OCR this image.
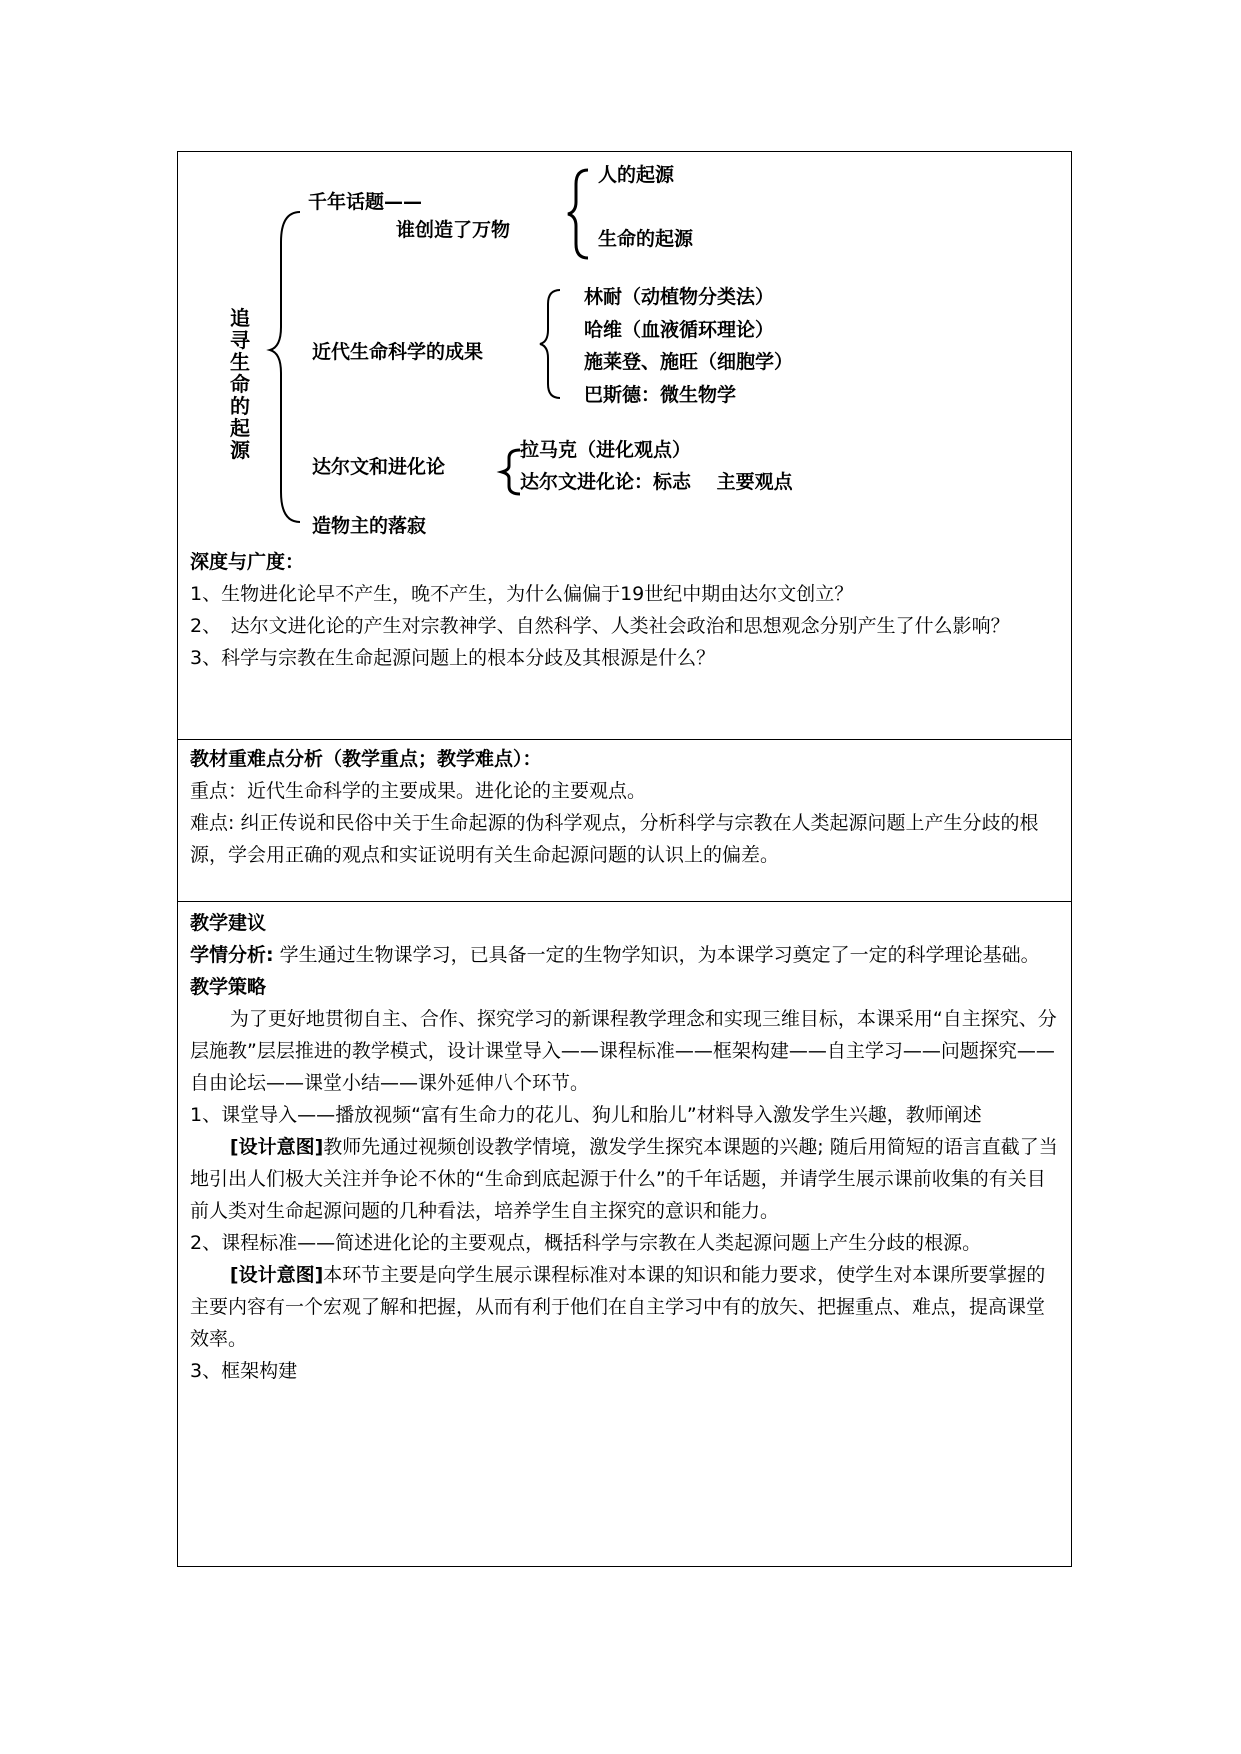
追
寻
生
命
的
起
源
千年话题——
谁创造了万物
人的起源
生命的起源
近代生命科学的成果
林耐（动植物分类法）
哈维（血液循环理论）
施莱登、施旺（细胞学）
巴斯德：微生物学
达尔文和进化论
拉马克（进化观点）
达尔文进化论：标志　 主要观点
造物主的落寂

深度与广度：

1、生物进化论早不产生，晚不产生，为什么偏偏于19世纪中期由达尔文创立？

2、　达尔文进化论的产生对宗教神学、自然科学、人类社会政治和思想观念分别产生了什么影响？

3、科学与宗教在生命起源问题上的根本分歧及其根源是什么？

教材重难点分析（教学重点；教学难点）：

重点：近代生命科学的主要成果。进化论的主要观点。

难点: 纠正传说和民俗中关于生命起源的伪科学观点，分析科学与宗教在人类起源问题上产生分歧的根源，学会用正确的观点和实证说明有关生命起源问题的认识上的偏差。

教学建议

学情分析: 学生通过生物课学习，已具备一定的生物学知识，为本课学习奠定了一定的科学理论基础。

教学策略

为了更好地贯彻自主、合作、探究学习的新课程教学理念和实现三维目标，本课采用“自主探究、分层施教”层层推进的教学模式，设计课堂导入——课程标准——框架构建——自主学习——问题探究——自由论坛——课堂小结——课外延伸八个环节。

1、课堂导入——播放视频“富有生命力的花儿、狗儿和胎儿”材料导入激发学生兴趣，教师阐述

[设计意图]教师先通过视频创设教学情境，激发学生探究本课题的兴趣; 随后用简短的语言直截了当地引出人们极大关注并争论不休的“生命到底起源于什么”的千年话题，并请学生展示课前收集的有关目前人类对生命起源问题的几种看法，培养学生自主探究的意识和能力。

2、课程标准——简述进化论的主要观点，概括科学与宗教在人类起源问题上产生分歧的根源。

[设计意图]本环节主要是向学生展示课程标准对本课的知识和能力要求，使学生对本课所要掌握的主要内容有一个宏观了解和把握，从而有利于他们在自主学习中有的放矢、把握重点、难点，提高课堂效率。

3、框架构建
